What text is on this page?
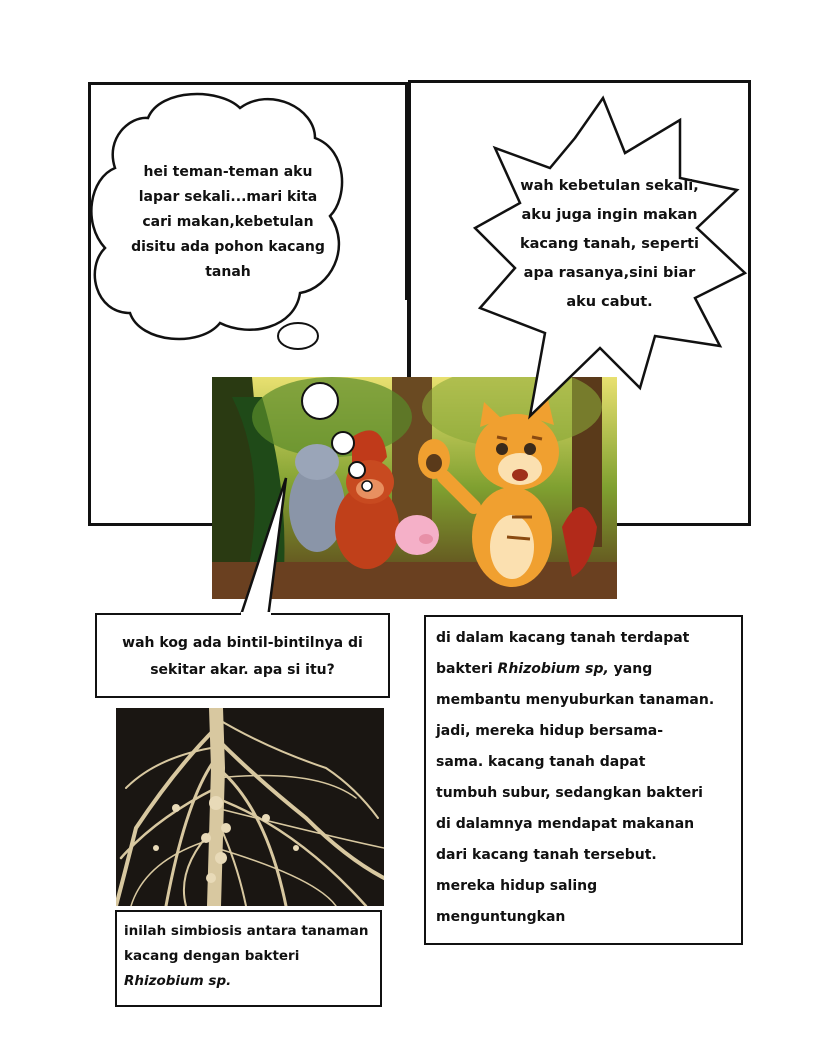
hei teman-teman aku
lapar sekali...mari kita
cari makan,kebetulan
disitu ada pohon kacang
tanah
wah kebetulan sekali,
aku juga ingin makan
kacang tanah, seperti
apa rasanya,sini biar
aku cabut.
wah kog ada bintil-bintilnya di
sekitar akar. apa si itu?
di dalam kacang tanah terdapat
bakteri Rhizobium sp, yang
membantu menyuburkan tanaman.
jadi, mereka hidup bersama-
sama. kacang tanah dapat
tumbuh subur, sedangkan bakteri
di dalamnya mendapat makanan
dari kacang tanah tersebut.
mereka hidup saling
menguntungkan
inilah simbiosis antara tanaman
kacang dengan bakteri
Rhizobium sp.
